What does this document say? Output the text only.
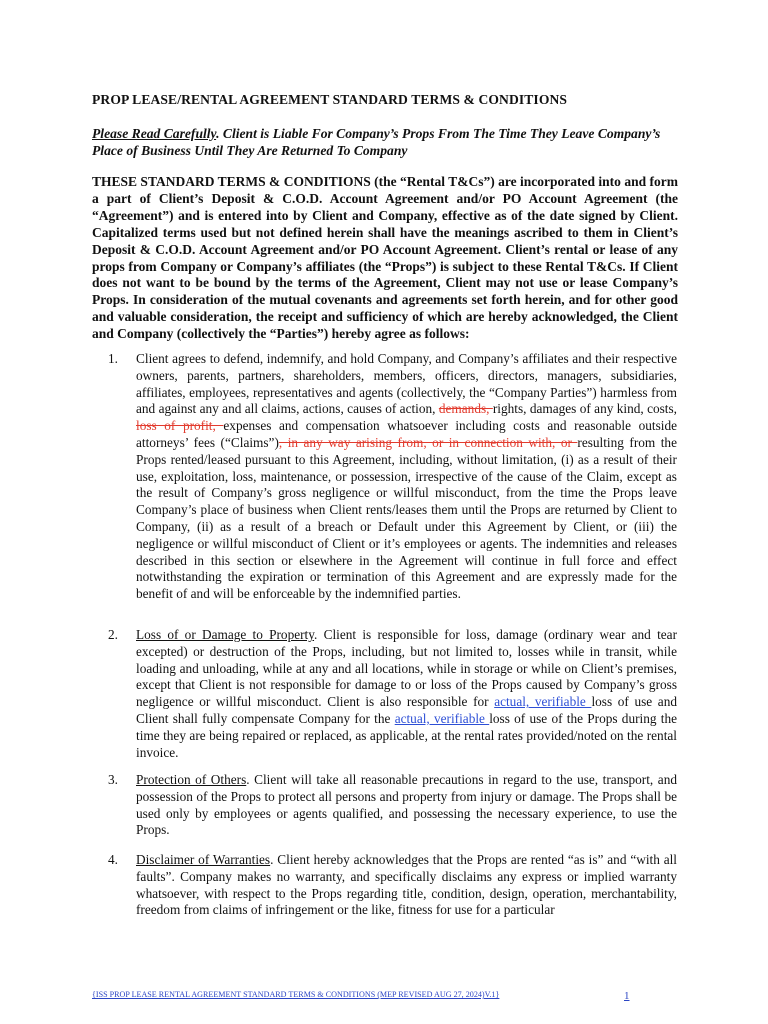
PROP LEASE/RENTAL AGREEMENT STANDARD TERMS & CONDITIONS
Please Read Carefully. Client is Liable For Company’s Props From The Time They Leave Company’s Place of Business Until They Are Returned To Company
THESE STANDARD TERMS & CONDITIONS (the “Rental T&Cs”) are incorporated into and form a part of Client’s Deposit & C.O.D. Account Agreement and/or PO Account Agreement (the “Agreement”) and is entered into by Client and Company, effective as of the date signed by Client. Capitalized terms used but not defined herein shall have the meanings ascribed to them in Client’s Deposit & C.O.D. Account Agreement and/or PO Account Agreement. Client’s rental or lease of any props from Company or Company’s affiliates (the “Props”) is subject to these Rental T&Cs. If Client does not want to be bound by the terms of the Agreement, Client may not use or lease Company’s Props. In consideration of the mutual covenants and agreements set forth herein, and for other good and valuable consideration, the receipt and sufficiency of which are hereby acknowledged, the Client and Company (collectively the “Parties”) hereby agree as follows:
1. Client agrees to defend, indemnify, and hold Company, and Company’s affiliates and their respective owners, parents, partners, shareholders, members, officers, directors, managers, subsidiaries, affiliates, employees, representatives and agents (collectively, the “Company Parties”) harmless from and against any and all claims, actions, causes of action, demands, rights, damages of any kind, costs, loss of profit, expenses and compensation whatsoever including costs and reasonable outside attorneys’ fees (“Claims”), in any way arising from, or in connection with, or resulting from the Props rented/leased pursuant to this Agreement, including, without limitation, (i) as a result of their use, exploitation, loss, maintenance, or possession, irrespective of the cause of the Claim, except as the result of Company’s gross negligence or willful misconduct, from the time the Props leave Company’s place of business when Client rents/leases them until the Props are returned by Client to Company, (ii) as a result of a breach or Default under this Agreement by Client, or (iii) the negligence or willful misconduct of Client or it’s employees or agents. The indemnities and releases described in this section or elsewhere in the Agreement will continue in full force and effect notwithstanding the expiration or termination of this Agreement and are expressly made for the benefit of and will be enforceable by the indemnified parties.
2. Loss of or Damage to Property. Client is responsible for loss, damage (ordinary wear and tear excepted) or destruction of the Props, including, but not limited to, losses while in transit, while loading and unloading, while at any and all locations, while in storage or while on Client’s premises, except that Client is not responsible for damage to or loss of the Props caused by Company’s gross negligence or willful misconduct. Client is also responsible for actual, verifiable loss of use and Client shall fully compensate Company for the actual, verifiable loss of use of the Props during the time they are being repaired or replaced, as applicable, at the rental rates provided/noted on the rental invoice.
3. Protection of Others. Client will take all reasonable precautions in regard to the use, transport, and possession of the Props to protect all persons and property from injury or damage. The Props shall be used only by employees or agents qualified, and possessing the necessary experience, to use the Props.
4. Disclaimer of Warranties. Client hereby acknowledges that the Props are rented “as is” and “with all faults”. Company makes no warranty, and specifically disclaims any express or implied warranty whatsoever, with respect to the Props regarding title, condition, design, operation, merchantability, freedom from claims of infringement or the like, fitness for use for a particular
{ISS PROP LEASE RENTAL AGREEMENT STANDARD TERMS & CONDITIONS (MEP REVISED AUG 27, 2024)V.1}	1
